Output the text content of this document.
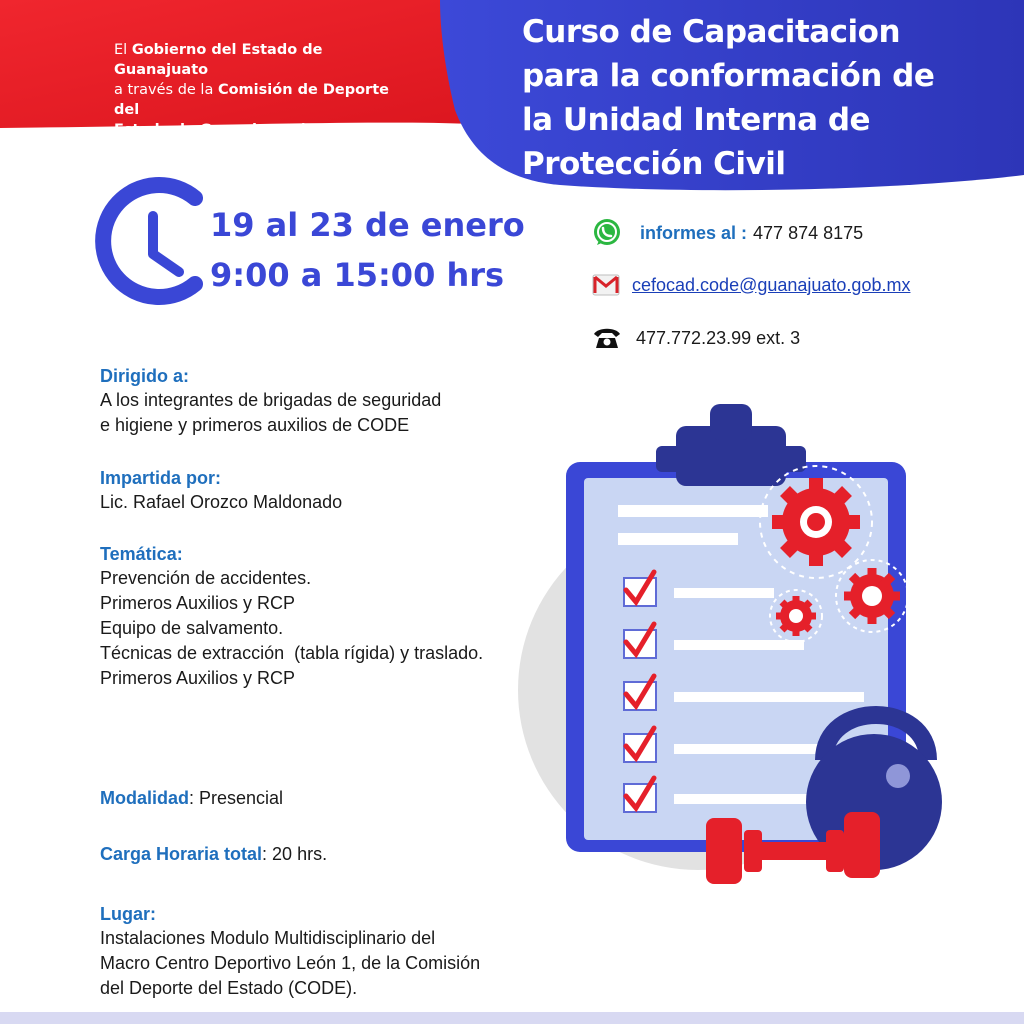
El Gobierno del Estado de Guanajuato
a través de la Comisión de Deporte del
Estado de Guanajuato (CODE)
CONVOCA:
Curso de Capacitacion
para la conformación de
la Unidad Interna de
Protección Civil
19 al 23 de enero
9:00 a 15:00 hrs
informes al : 477 874 8175
cefocad.code@guanajuato.gob.mx
477.772.23.99 ext. 3
Dirigido a:
A los integrantes de brigadas de seguridad
e higiene y primeros auxilios de CODE
Impartida por:
Lic. Rafael Orozco Maldonado
Temática:
Prevención de accidentes.
Primeros Auxilios y RCP
Equipo de salvamento.
Técnicas de extracción  (tabla rígida) y traslado.
Primeros Auxilios y RCP
Modalidad: Presencial
Carga Horaria total: 20 hrs.
Lugar:
Instalaciones Modulo Multidisciplinario del
Macro Centro Deportivo León 1, de la Comisión
del Deporte del Estado (CODE).
